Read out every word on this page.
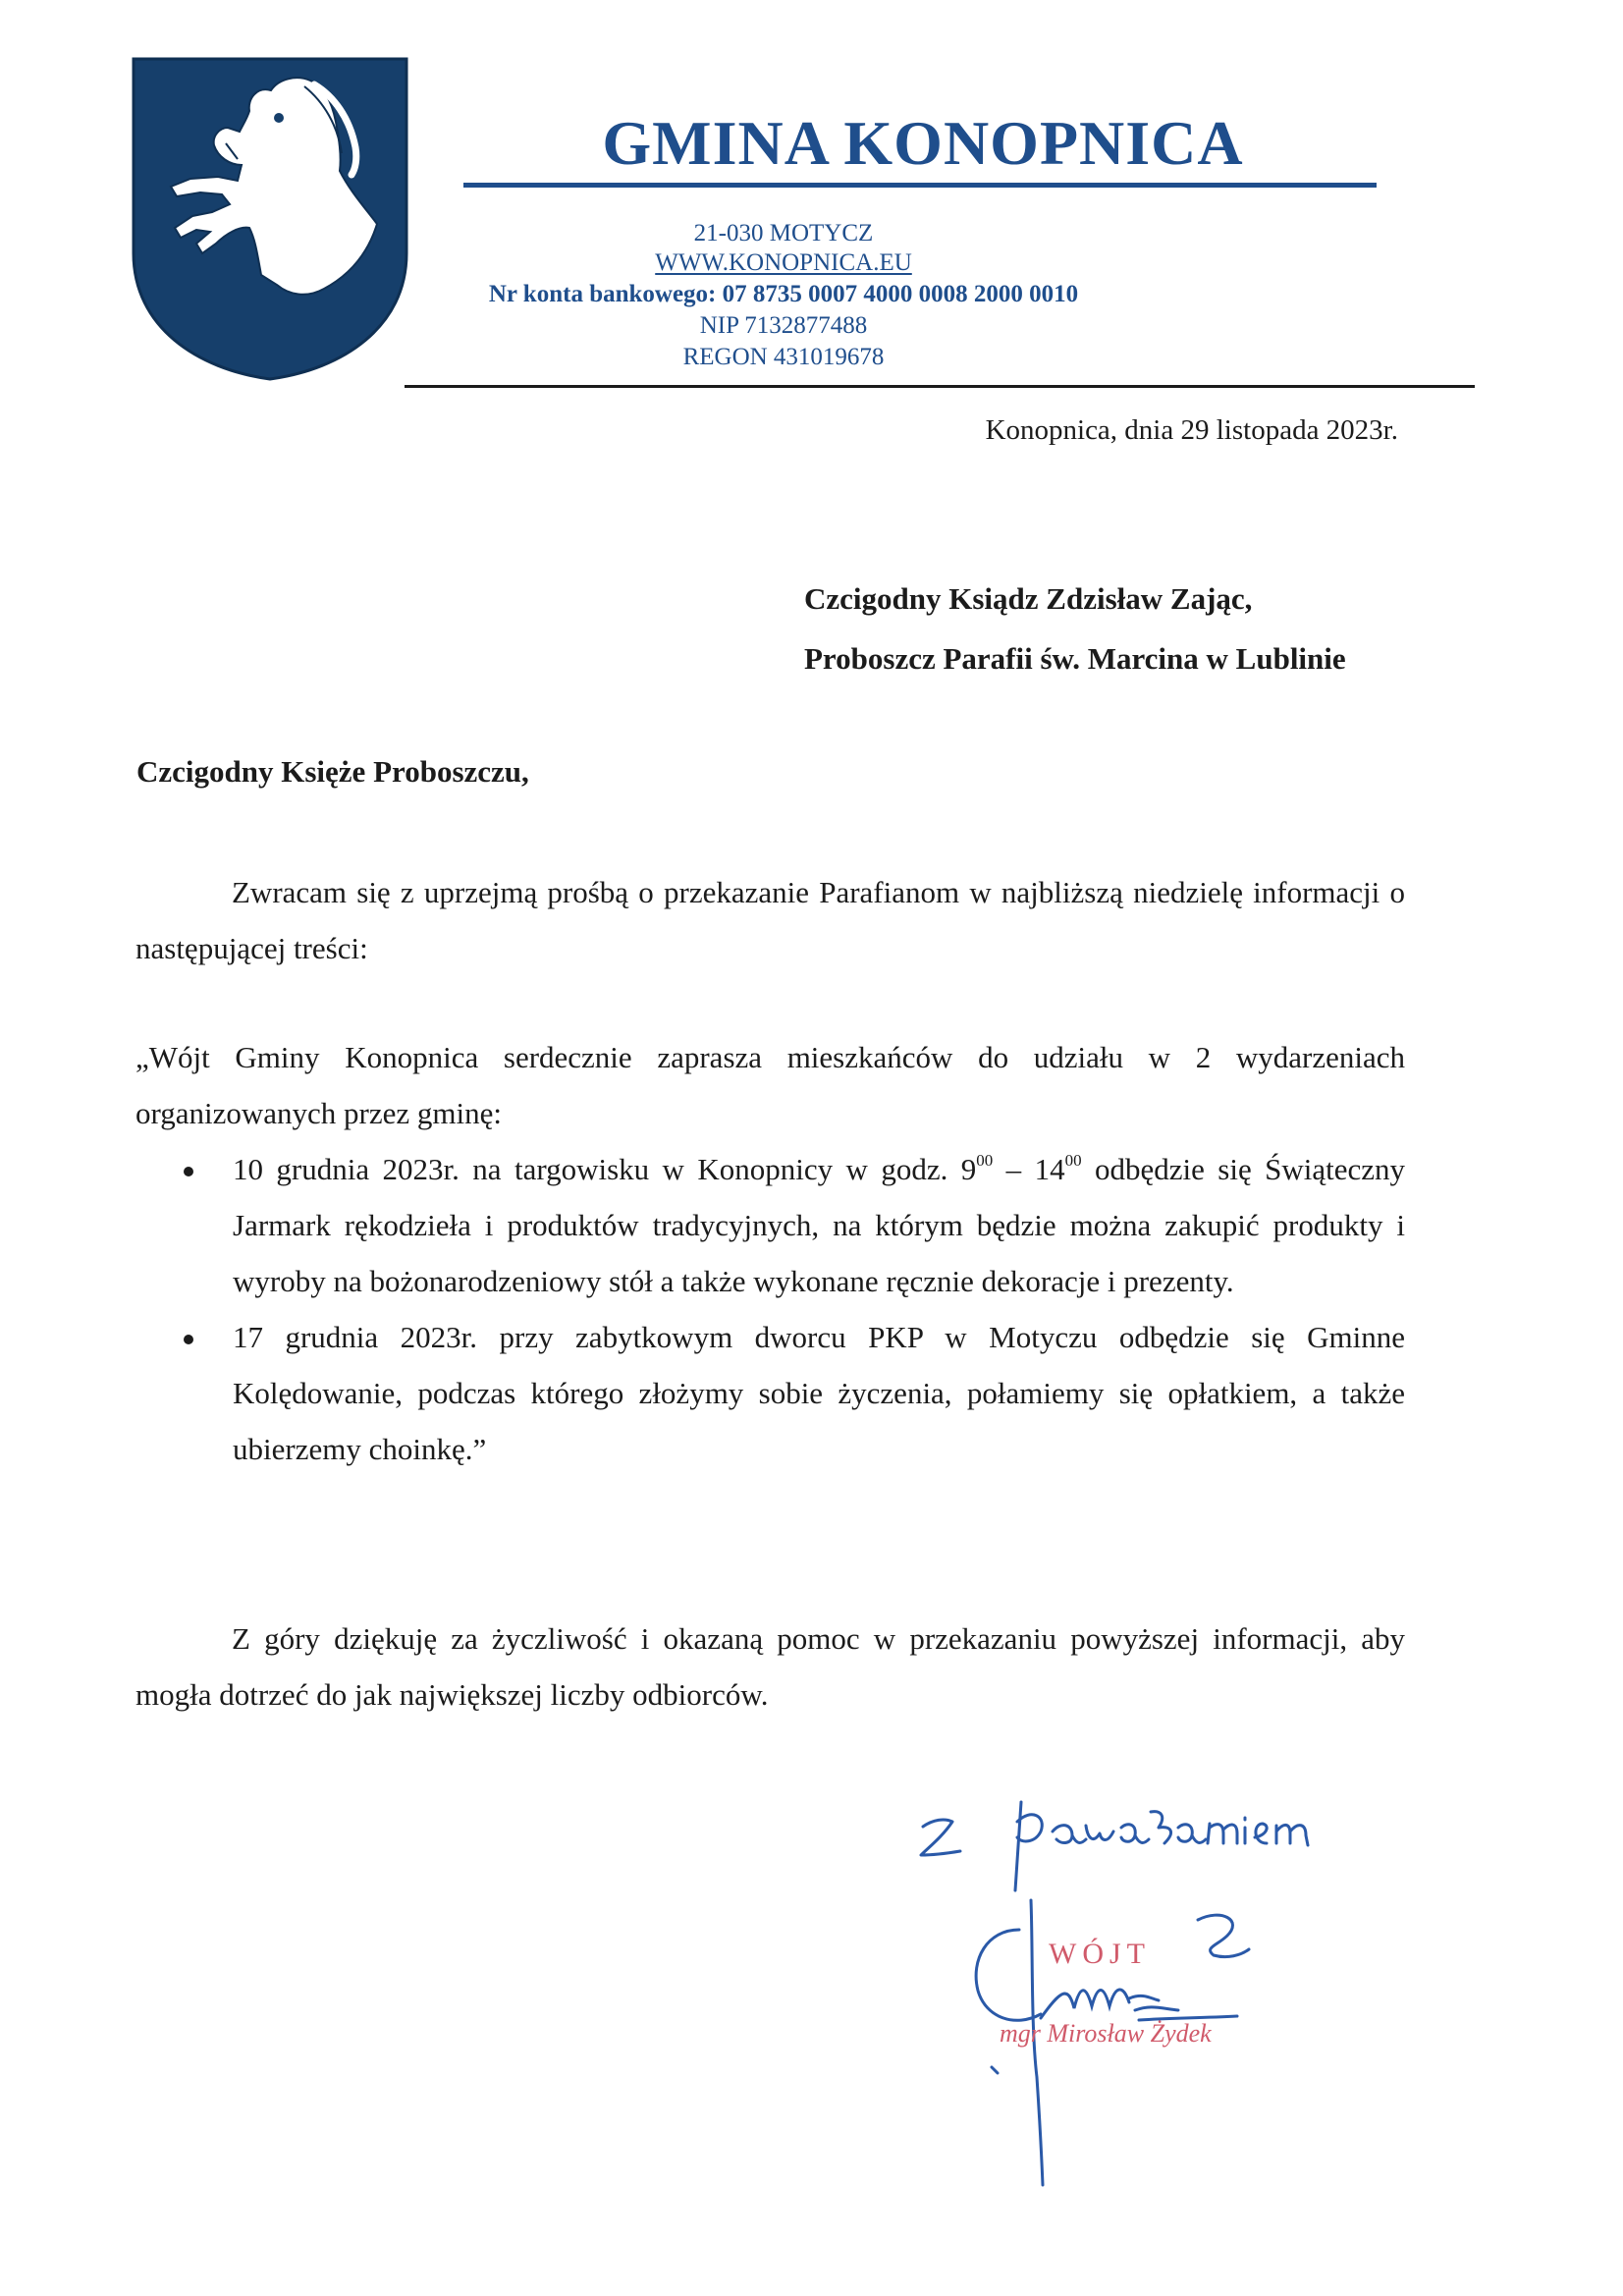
GMINA KONOPNICA
21-030 MOTYCZ
WWW.KONOPNICA.EU
Nr konta bankowego: 07 8735 0007 4000 0008 2000 0010
NIP 7132877488
REGON 431019678
Konopnica, dnia 29 listopada 2023r.
Czcigodny Ksiądz Zdzisław Zając,
Proboszcz Parafii św. Marcina w Lublinie
Czcigodny Księże Proboszczu,

Zwracam się z uprzejmą prośbą o przekazanie Parafianom w najbliższą niedzielę informacji o następującej treści:

„Wójt Gminy Konopnica serdecznie zaprasza mieszkańców do udziału w 2 wydarzeniach organizowanych przez gminę:

10 grudnia 2023r. na targowisku w Konopnicy w godz. $9^{00} - 14^{00}$ odbędzie się Świąteczny Jarmark rękodzieła i produktów tradycyjnych, na którym będzie można zakupić produkty i wyroby na bożonarodzeniowy stół a także wykonane ręcznie dekoracje i prezenty.
17 grudnia 2023r. przy zabytkowym dworcu PKP w Motyczu odbędzie się Gminne Kolędowanie, podczas którego złożymy sobie życzenia, połamiemy się opłatkiem, a także ubierzemy choinkę.”

Z góry dziękuję za życzliwość i okazaną pomoc w przekazaniu powyższej informacji, aby mogła dotrzeć do jak największej liczby odbiorców.

WÓJT
mgr Mirosław Żydek
